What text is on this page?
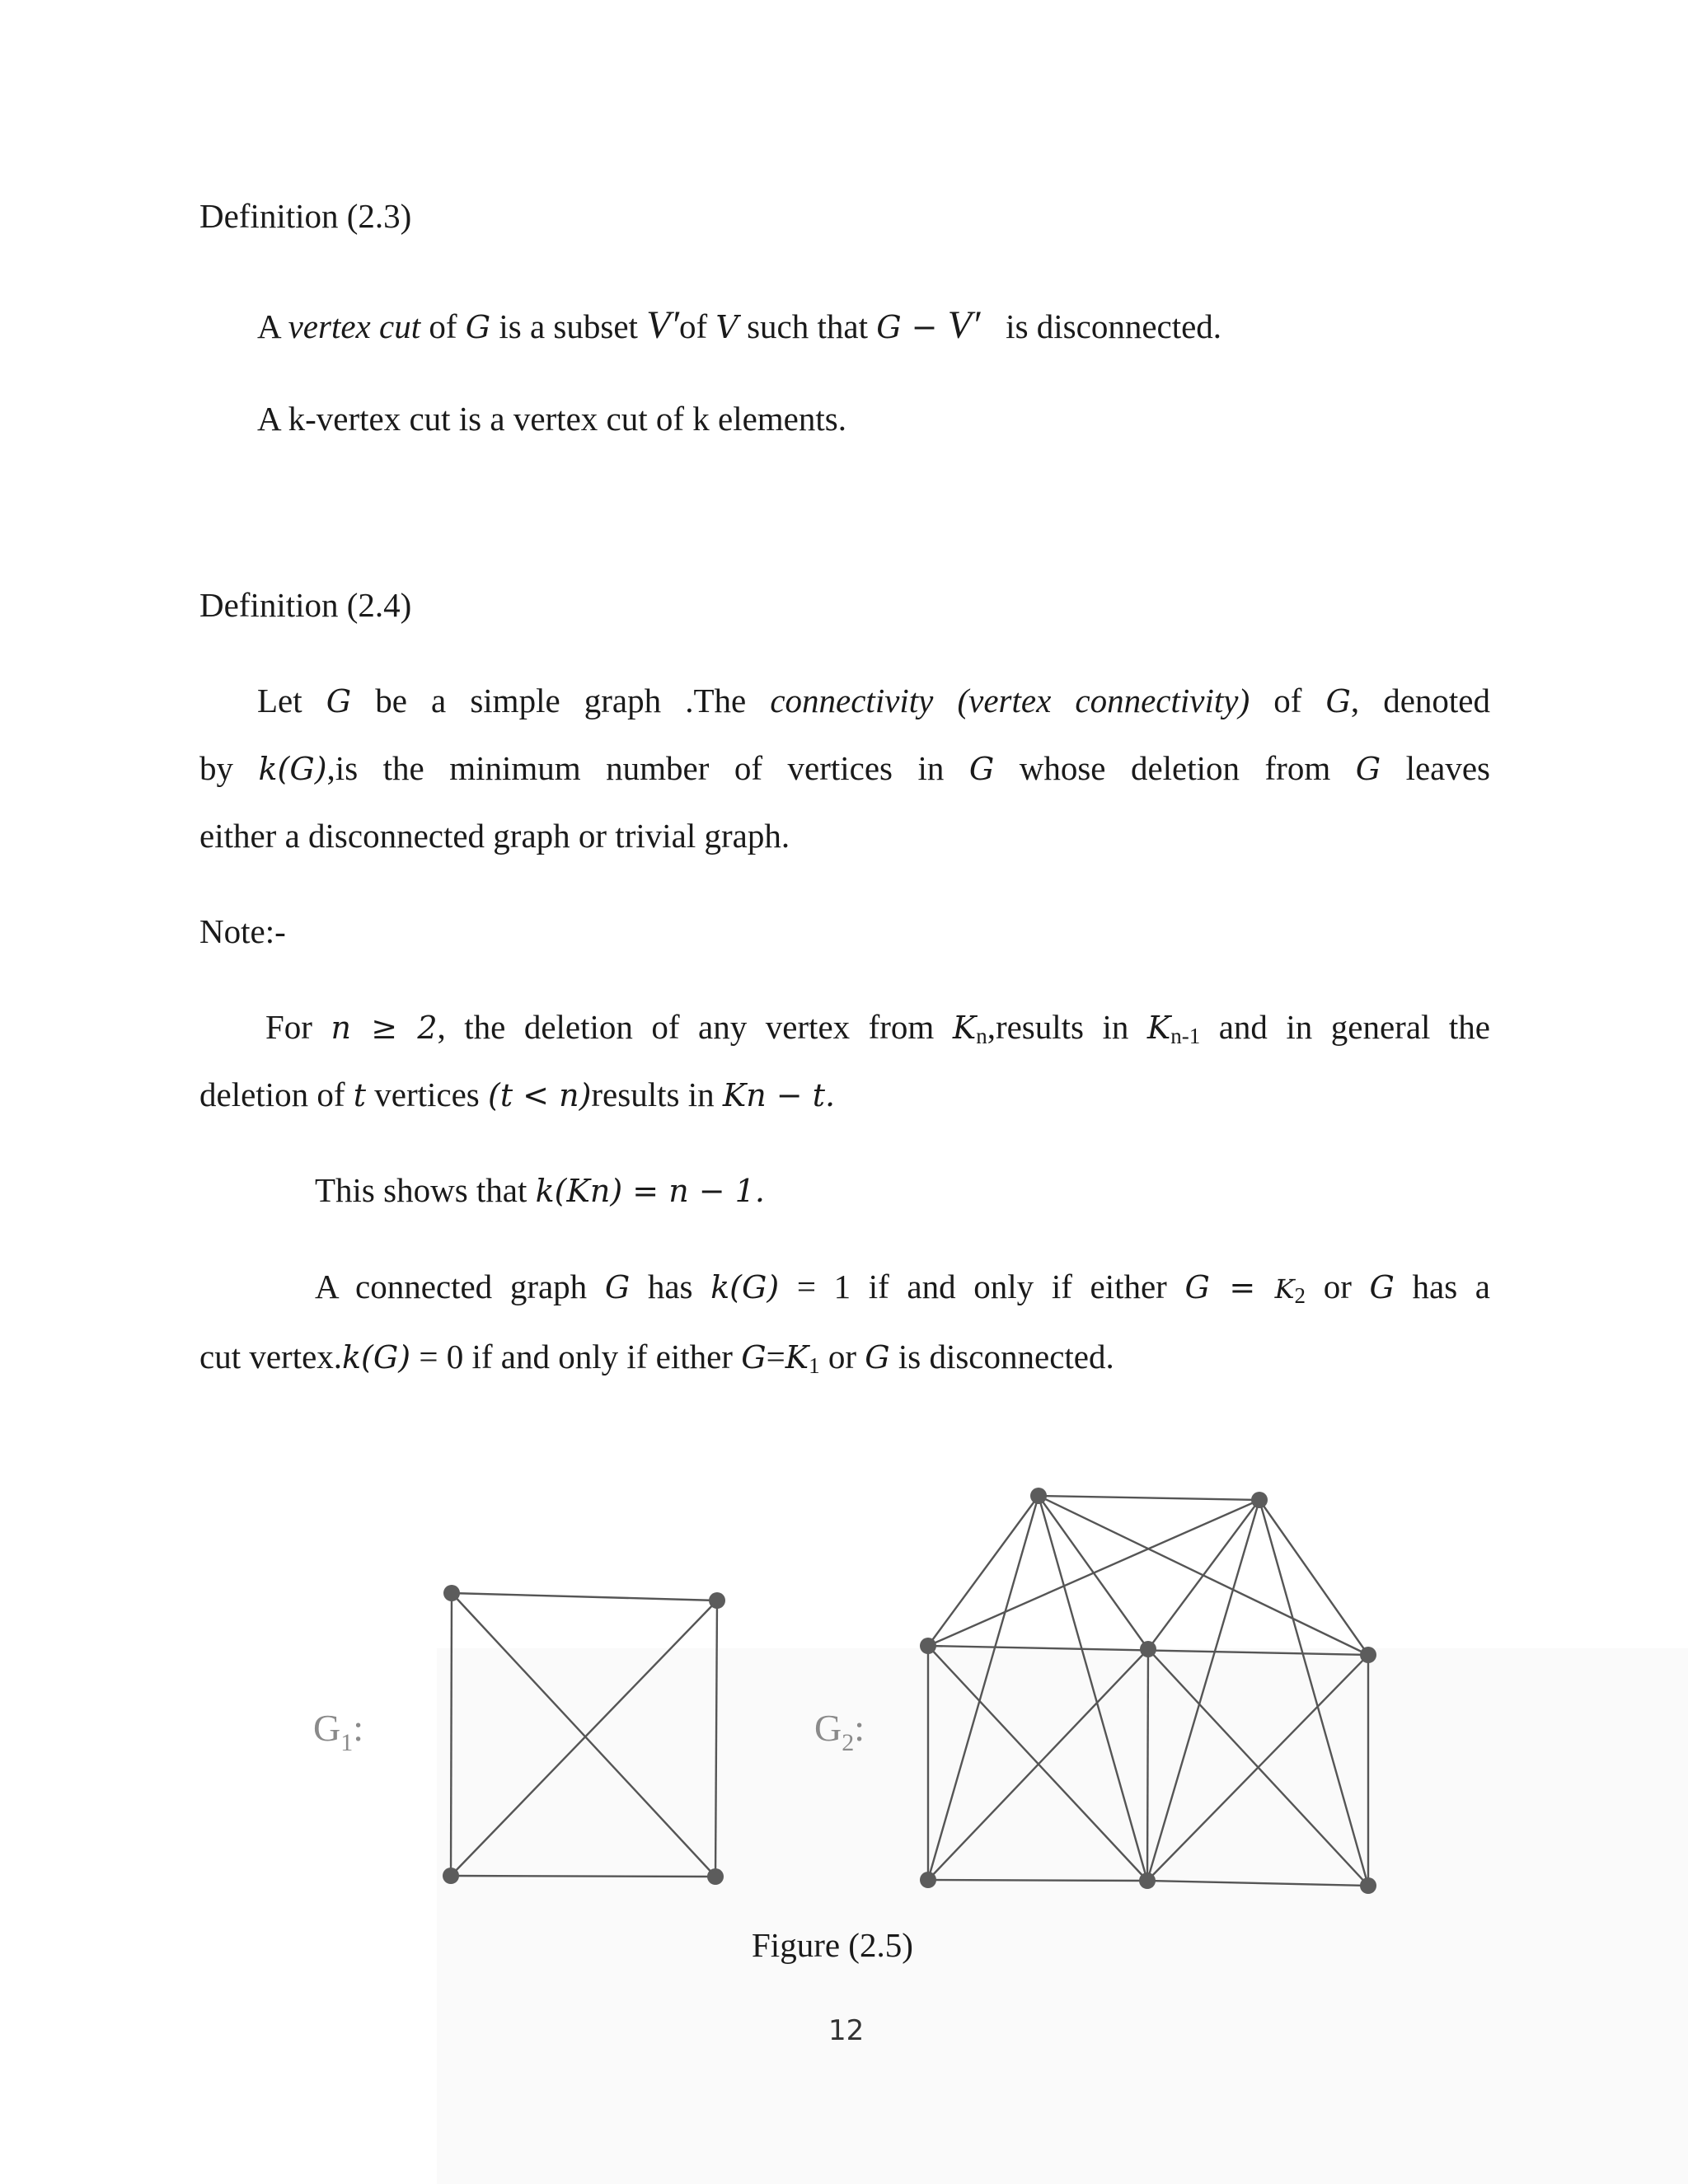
Definition (2.3)
A vertex cut of G is a subset V′of V such that G − V′   is disconnected.
A k-vertex cut is a vertex cut of k elements.
Definition (2.4)
Let G be a simple graph .The connectivity (vertex connectivity) of G, denoted
by k(G),is the minimum number of vertices in G whose deletion from G leaves
either a disconnected graph or trivial graph.
Note:-
For n ≥ 2, the deletion of any vertex from Kn,results in Kn-1 and in general the
deletion of t vertices (t < n)results in Kn − t.
This shows that k(Kn) = n − 1.
A connected graph G has k(G) = 1 if and only if either G = K2 or G has a
cut vertex.k(G) = 0 if and only if either G=K1 or G is disconnected.
$G_1$:	$G_2$:
Figure (2.5)
12
